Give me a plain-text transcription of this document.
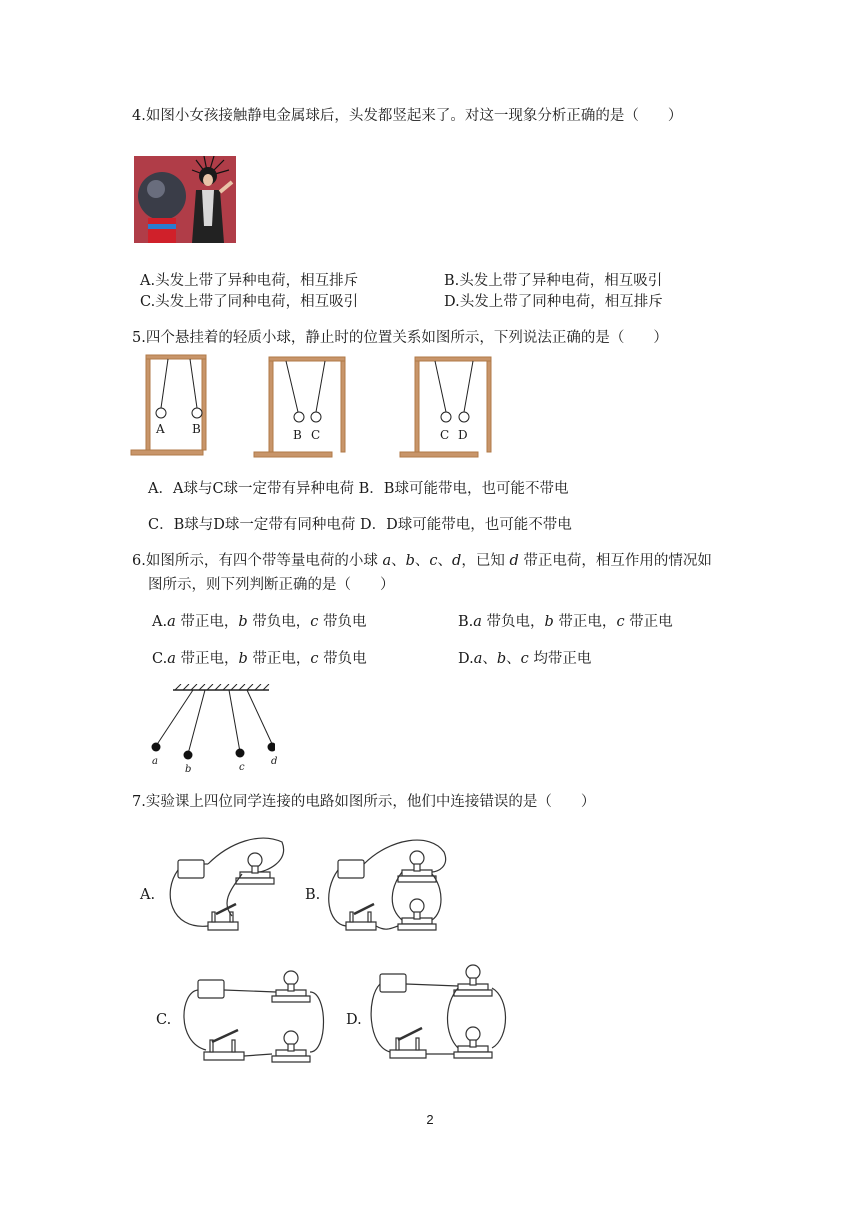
4.如图小女孩接触静电金属球后，头发都竖起来了。对这一现象分析正确的是（　　）
A.头发上带了异种电荷，相互排斥	B.头发上带了异种电荷，相互吸引
C.头发上带了同种电荷，相互吸引	D.头发上带了同种电荷，相互排斥
5.四个悬挂着的轻质小球，静止时的位置关系如图所示，下列说法正确的是（　　）
A B	B C	C D
A．A球与C球一定带有异种电荷 B．B球可能带电，也可能不带电
C．B球与D球一定带有同种电荷 D．D球可能带电，也可能不带电
6.如图所示，有四个带等量电荷的小球 a、b、c、d，已知 d 带正电荷，相互作用的情况如
图所示，则下列判断正确的是（　　）
A.a 带正电，b 带负电，c 带负电	B.a 带负电，b 带正电，c 带正电
C.a 带正电，b 带正电，c 带负电	D.a、b、c 均带正电
a
b	c
d
7.实验课上四位同学连接的电路如图所示，他们中连接错误的是（　　）
A.	B.
C.	D.
2
